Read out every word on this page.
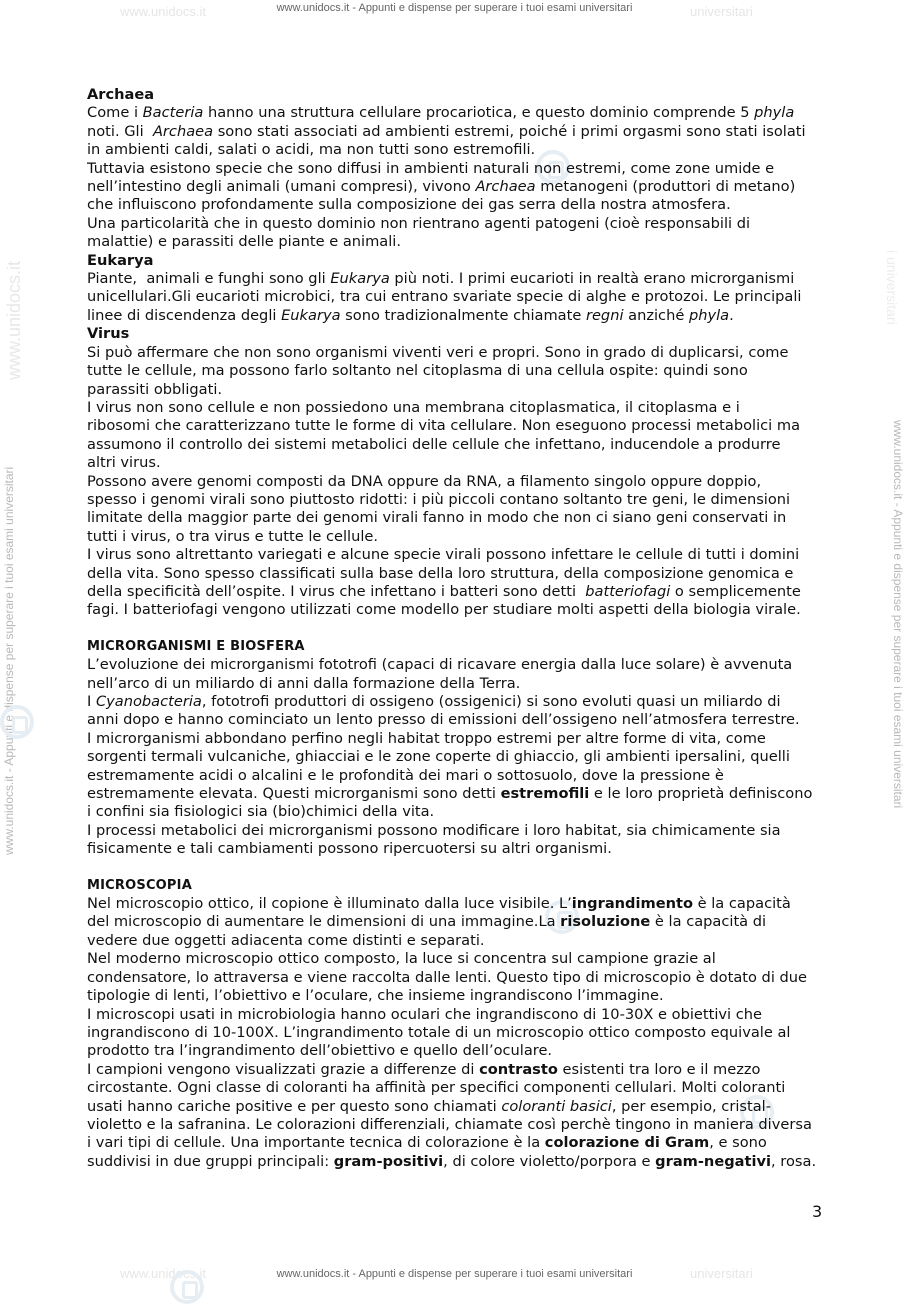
www.unidocs.it	universitari
www.unidocs.it - Appunti e dispense per superare i tuoi esami universitari
www.unidocs.it	universitari
www.unidocs.it - Appunti e dispense per superare i tuoi esami universitari
www.unidocs.it	i universitari
www.unidocs.it - Appunti e dispense per superare i tuoi esami universitari	www.unidocs.it - Appunti e dispense per superare i tuoi esami universitari

Archaea

Come i Bacteria hanno una struttura cellulare procariotica, e questo dominio comprende 5 phyla

noti. Gli  Archaea sono stati associati ad ambienti estremi, poiché i primi orgasmi sono stati isolati

in ambienti caldi, salati o acidi, ma non tutti sono estremofili.

Tuttavia esistono specie che sono diffusi in ambienti naturali non estremi, come zone umide e

nell’intestino degli animali (umani compresi), vivono Archaea metanogeni (produttori di metano)

che influiscono profondamente sulla composizione dei gas serra della nostra atmosfera.

Una particolarità che in questo dominio non rientrano agenti patogeni (cioè responsabili di

malattie) e parassiti delle piante e animali.

Eukarya

Piante,  animali e funghi sono gli Eukarya più noti. I primi eucarioti in realtà erano microrganismi

unicellulari.Gli eucarioti microbici, tra cui entrano svariate specie di alghe e protozoi. Le principali

linee di discendenza degli Eukarya sono tradizionalmente chiamate regni anziché phyla.

Virus

Si può affermare che non sono organismi viventi veri e propri. Sono in grado di duplicarsi, come

tutte le cellule, ma possono farlo soltanto nel citoplasma di una cellula ospite: quindi sono

parassiti obbligati.

I virus non sono cellule e non possiedono una membrana citoplasmatica, il citoplasma e i

ribosomi che caratterizzano tutte le forme di vita cellulare. Non eseguono processi metabolici ma

assumono il controllo dei sistemi metabolici delle cellule che infettano, inducendole a produrre

altri virus.

Possono avere genomi composti da DNA oppure da RNA, a filamento singolo oppure doppio,

spesso i genomi virali sono piuttosto ridotti: i più piccoli contano soltanto tre geni, le dimensioni

limitate della maggior parte dei genomi virali fanno in modo che non ci siano geni conservati in

tutti i virus, o tra virus e tutte le cellule.

I virus sono altrettanto variegati e alcune specie virali possono infettare le cellule di tutti i domini

della vita. Sono spesso classificati sulla base della loro struttura, della composizione genomica e

della specificità dell’ospite. I virus che infettano i batteri sono detti  batteriofagi o semplicemente

fagi. I batteriofagi vengono utilizzati come modello per studiare molti aspetti della biologia virale.

MICRORGANISMI E BIOSFERA

L’evoluzione dei microrganismi fototrofi (capaci di ricavare energia dalla luce solare) è avvenuta

nell’arco di un miliardo di anni dalla formazione della Terra.

I Cyanobacteria, fototrofi produttori di ossigeno (ossigenici) si sono evoluti quasi un miliardo di

anni dopo e hanno cominciato un lento presso di emissioni dell’ossigeno nell’atmosfera terrestre.

I microrganismi abbondano perfino negli habitat troppo estremi per altre forme di vita, come

sorgenti termali vulcaniche, ghiacciai e le zone coperte di ghiaccio, gli ambienti ipersalini, quelli

estremamente acidi o alcalini e le profondità dei mari o sottosuolo, dove la pressione è

estremamente elevata. Questi microrganismi sono detti estremofili e le loro proprietà definiscono

i confini sia fisiologici sia (bio)chimici della vita.

I processi metabolici dei microrganismi possono modificare i loro habitat, sia chimicamente sia

fisicamente e tali cambiamenti possono ripercuotersi su altri organismi.

MICROSCOPIA

Nel microscopio ottico, il copione è illuminato dalla luce visibile. L’ingrandimento è la capacità

del microscopio di aumentare le dimensioni di una immagine.La risoluzione è la capacità di

vedere due oggetti adiacenta come distinti e separati.

Nel moderno microscopio ottico composto, la luce si concentra sul campione grazie al

condensatore, lo attraversa e viene raccolta dalle lenti. Questo tipo di microscopio è dotato di due

tipologie di lenti, l’obiettivo e l’oculare, che insieme ingrandiscono l’immagine.

I microscopi usati in microbiologia hanno oculari che ingrandiscono di 10-30X e obiettivi che

ingrandiscono di 10-100X. L’ingrandimento totale di un microscopio ottico composto equivale al

prodotto tra l’ingrandimento dell’obiettivo e quello dell’oculare.

I campioni vengono visualizzati grazie a differenze di contrasto esistenti tra loro e il mezzo

circostante. Ogni classe di coloranti ha affinità per specifici componenti cellulari. Molti coloranti

usati hanno cariche positive e per questo sono chiamati coloranti basici, per esempio, cristal-

violetto e la safranina. Le colorazioni differenziali, chiamate così perchè tingono in maniera diversa

i vari tipi di cellule. Una importante tecnica di colorazione è la colorazione di Gram, e sono

suddivisi in due gruppi principali: gram-positivi, di colore violetto/porpora e gram-negativi, rosa.

3
